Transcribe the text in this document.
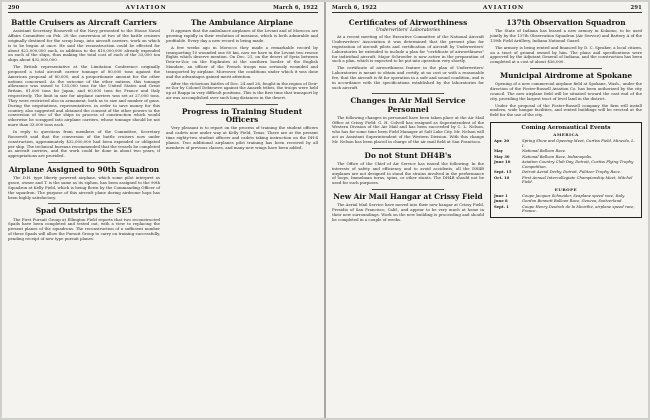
290	AVIATION	March 6, 1922
Battle Cruisers as Aircraft Carriers

Assistant Secretary Roosevelt of the Navy presented to the House Naval Affairs Committee on Feb. 28 the conversion of two of the battle cruisers originally destined for the scrap heap, into aircraft carriers, work on which is to be begun at once. He said the reconstruction could be effected for about $22,000,000 each, in addition to the $10,000,000 already expended on each of the ships, thus making the total cost of each of the 33,000 ton ships about $32,000,000.

The British representative at the Limitation Conference originally proposed a total aircraft carrier tonnage of 80,000 tons against the American proposal of 80,000, and a proportionate amount for the other nations concerned. As the outcome of the other nations, this tonnage allowance was raised to 135,000 tons for the United States and Great Britain, 81,000 tons for Japan, and 60,000 tons for France and Italy respectively. The limit in size for airplane carriers was set at 27,000 tons. They were restricted also in armament, both as to size and number of guns. During the negotiations, representatives, in order to save money for this country, also suggested and obtained the consent of the other powers to the conversion of two of the ships in process of construction which would otherwise be scrapped into airplane carriers, whose tonnage should be not more than 33,000 tons each.

In reply to questions from members of the Committee, Secretary Roosevelt said that the conversion of the battle cruisers now under construction, approximately $32,000,000 had been expended or obligated per ship. The technical bureaus recommended that the vessels be completed as aircraft carriers, and the work could be done in about two years, if appropriations are provided.

Airplane Assigned to 90th Squadron

The D.H. type liberty powered airplane, which some pilot interpret as grace, owner and T. is the same as its siphon, has been assigned to the 90th Squadron at Kelly Field, which is being flown by the Commanding Officer of the squadron. The purpose of this aircraft plane during airdrome hops has been highly satisfactory.

Spad Outstrips the SE5

The First Pursuit Group at Ellington Field reports that two reconstructed Spads have been completed and tested out, with a view to replacing the present planes of the squadrons. The reconstruction of a sufficient number of these Spads will allow the Pursuit Group to carry on training successfully, pending receipt of new type pursuit planes.

The Ambulance Airplane

It appears that the ambulance airplanes of the Levant and of Morocco are growing rapidly in their evolution of missions, which is both admirable and profitable. Every day a new record is being made.

A few weeks ago in Morocco they made a remarkable record by transporting 10 wounded one 80 km, now we have in the Levant two rescue flights which deserve mention. On Dec. 21, on the desert of Syria between Deir-ez-Zor, on the Euphrates at the southern border of the English Mandate, an officer of the French troops was seriously wounded and transported by airplane. Moreover, the conditions under which it was done and the advantages gained merit attention.

After the victorious battles of Dec. 24 and 26, fought in the region of Deir-ez-Zor by Colonel Debieuvre against the Anazeh tribes, the troops were held up at Raqqa in very difficult positions. This is the first time that transport by air was accomplished over such long distances in the desert.

Progress in Training Student Officers

Very pleasant is to report on the process of training the student officers and cadets now under way at Kelly Field, Texas. There are at the present time eighty-two student officers and cadets taking instruction on the DH-4 planes. Two additional airplanes pilot training has been received by all members of previous classes, and many new wings have been added.

March 6, 1922	AVIATION	291
Certificates of Airworthiness
Underwriters' Laboratories

At a recent meeting of the Executive Committee of the National Aircraft Underwriters' Association it was determined that the present plan for registration of aircraft pilots and certification of aircraft by Underwriters' Laboratories be extended to include a plan for "certificate of airworthiness" for individual aircraft. Major Schroeder is now active in the preparation of such a plan, which is expected to be put into operation very shortly.

The certificate of airworthiness feature in the plan of Underwriters' Laboratories is meant to obtain and certify, at no cost or with a reasonable fee, that the aircraft is fit for operation in a safe and sound condition, and is in accordance with the specifications established by the laboratories for such aircraft.

Changes in Air Mail Service Personnel

The following changes in personnel have been taken place at the Air Mail Office at Crissy Field: G. H. Colvell has resigned as Superintendent of the Western Division of the Air Mail and has been succeeded by C. L. Nelson, who has for some time been Field Manager at Salt Lake City. Mr. Nelson will act as Assistant Superintendent of the Western Division. With this change Mr. Nelson has been placed in charge of the air mail field at San Francisco.

Do not Stunt DH4B's

The Office of the Chief of Air Service has issued the following: In the interests of safety and efficiency and to avoid accidents, all the DH4B airplanes are not designed to stand the strains involved in the performance of loops, Immelman turns, spins, or other stunts. The DH4B should not be used for such purposes.

New Air Mail Hangar at Crissy Field

The Aerial Mail Service have moved into their new hangar at Crissy Field, Presidio of San Francisco, Calif., and appear to be very much at home in their new surroundings. Work on the new building is proceeding and should be completed in a couple of weeks.

137th Observation Squadron

The State of Indiana has leased a new armory in Kokomo, to be used jointly by the 137th Observation Squadron (Air Service) and Battery A of the 139th Field Artillery, Indiana National Guard.

The armory is being rented and financed by D. C. Spraker, a local citizen, on a tract of ground owned by him. The plans and specifications were approved by the Adjutant General of Indiana, and the construction has been completed at a cost of about $36,000.

Municipal Airdrome at Spokane

Opening of a new commercial airplane field at Spokane, Wash., under the direction of the Foster-Russell Aviation Co. has been authorized by the city council. The new airplane field will be situated toward the east end of the city, providing the largest tract of level land in the district.

Under the proposal of the Foster-Russell company the firm will install modern, wide hangar facilities, and rented buildings will be erected at the field for the use of the city.

Coming Aeronautical Events
AMERICA
Apr. 20	Spring Show and Opening Meet, Curtiss Field, Mineola, L. I.
May	National Balloon Race.
May 30	National Balloon Race, Indianapolis.
June 10	Aviation Country Club Day, Detroit, Curtiss Flying Trophy Competition.
Sept. 15	Detroit Aerial Derby, Detroit, Pulitzer Trophy Race.
Oct. 10	First Annual Intercollegiate Championship Meet, Mitchel Field.
EUROPE
June 1	Coupe Jacques Schneider, Seaplane speed race, Italy.
June 8	Gordon Bennett Balloon Race, Geneva, Switzerland.
Sept. 1	Coupe Henry Deutsch de la Meurthe, airplane speed race, France.
